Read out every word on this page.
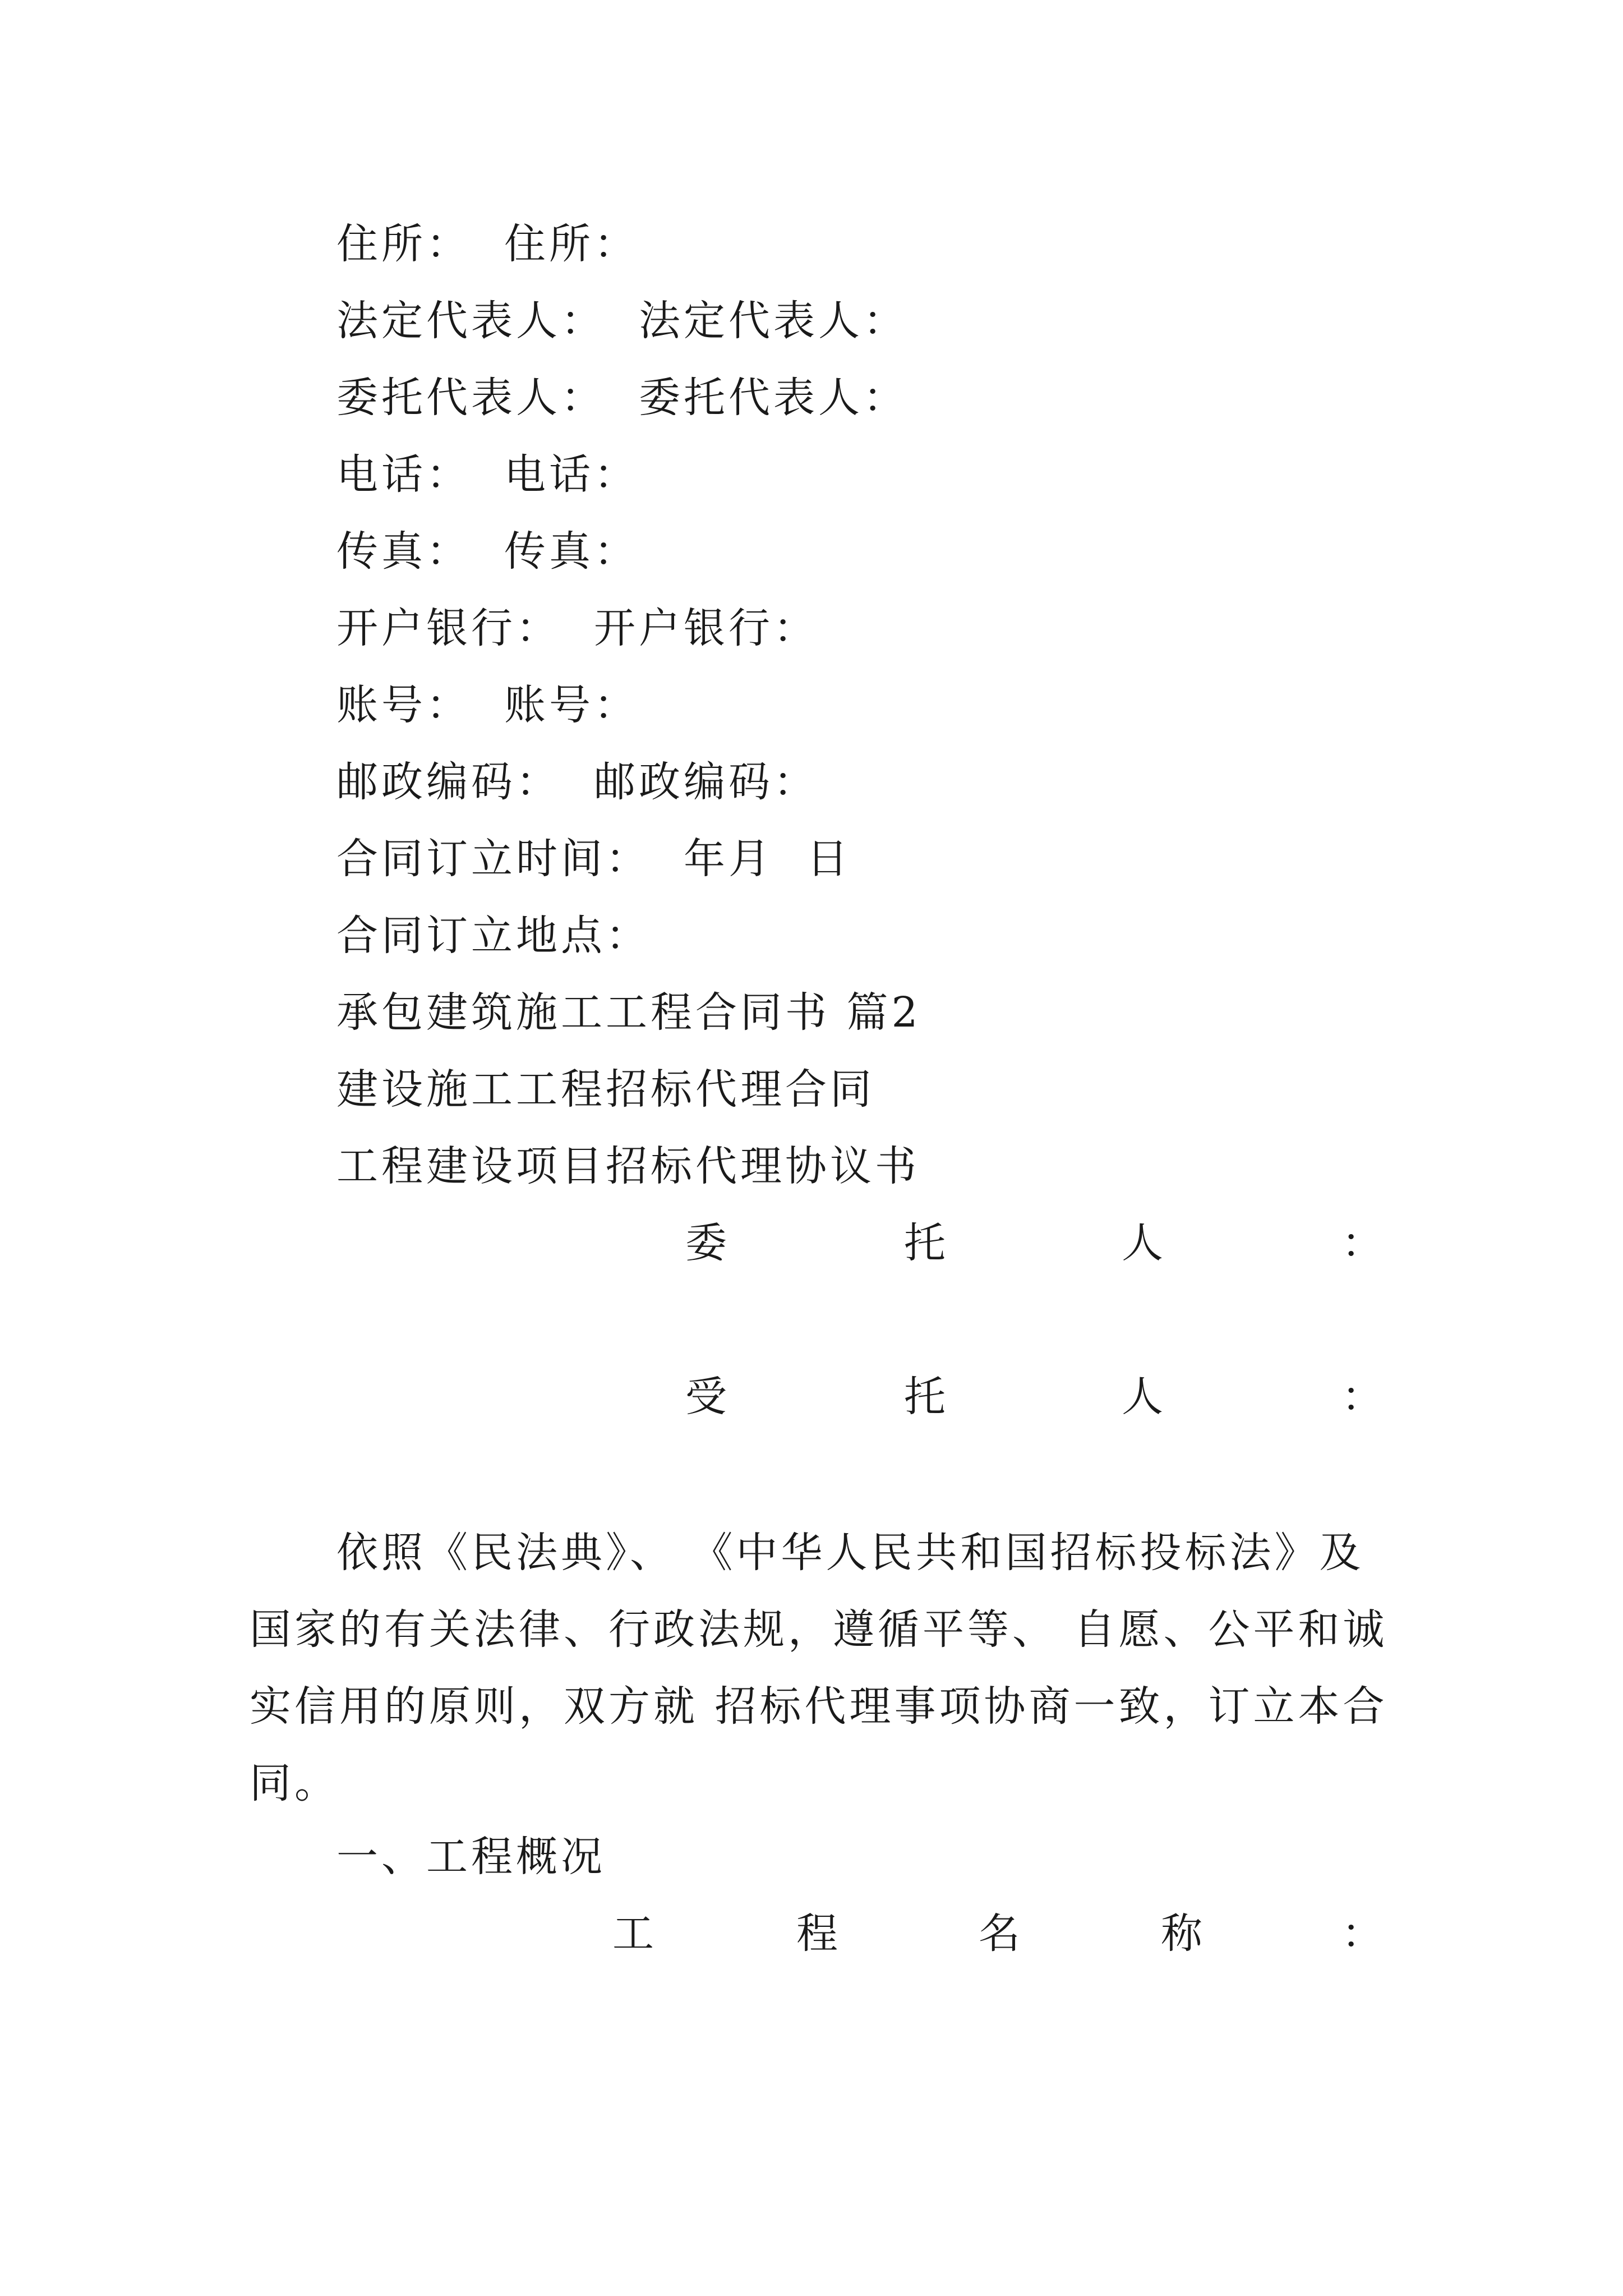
住所：  住所：
法定代表人：  法定代表人：
委托代表人：  委托代表人：
电话：  电话：
传真：  传真：
开户银行：  开户银行：
账号：  账号：
邮政编码：  邮政编码：
合同订立时间：  年月  日
合同订立地点：
承包建筑施工工程合同书 篇2
建设施工工程招标代理合同
工程建设项目招标代理协议书
委	托	人	：
受	托	人	：
依照《民法典》、 《中华人民共和国招标投标法》及国家的有关法律、行政法规，遵循平等、 自愿、公平和诚实信用的原则，双方就 招标代理事项协商一致，订立本合同。
一、工程概况
工	程	名	称	：
